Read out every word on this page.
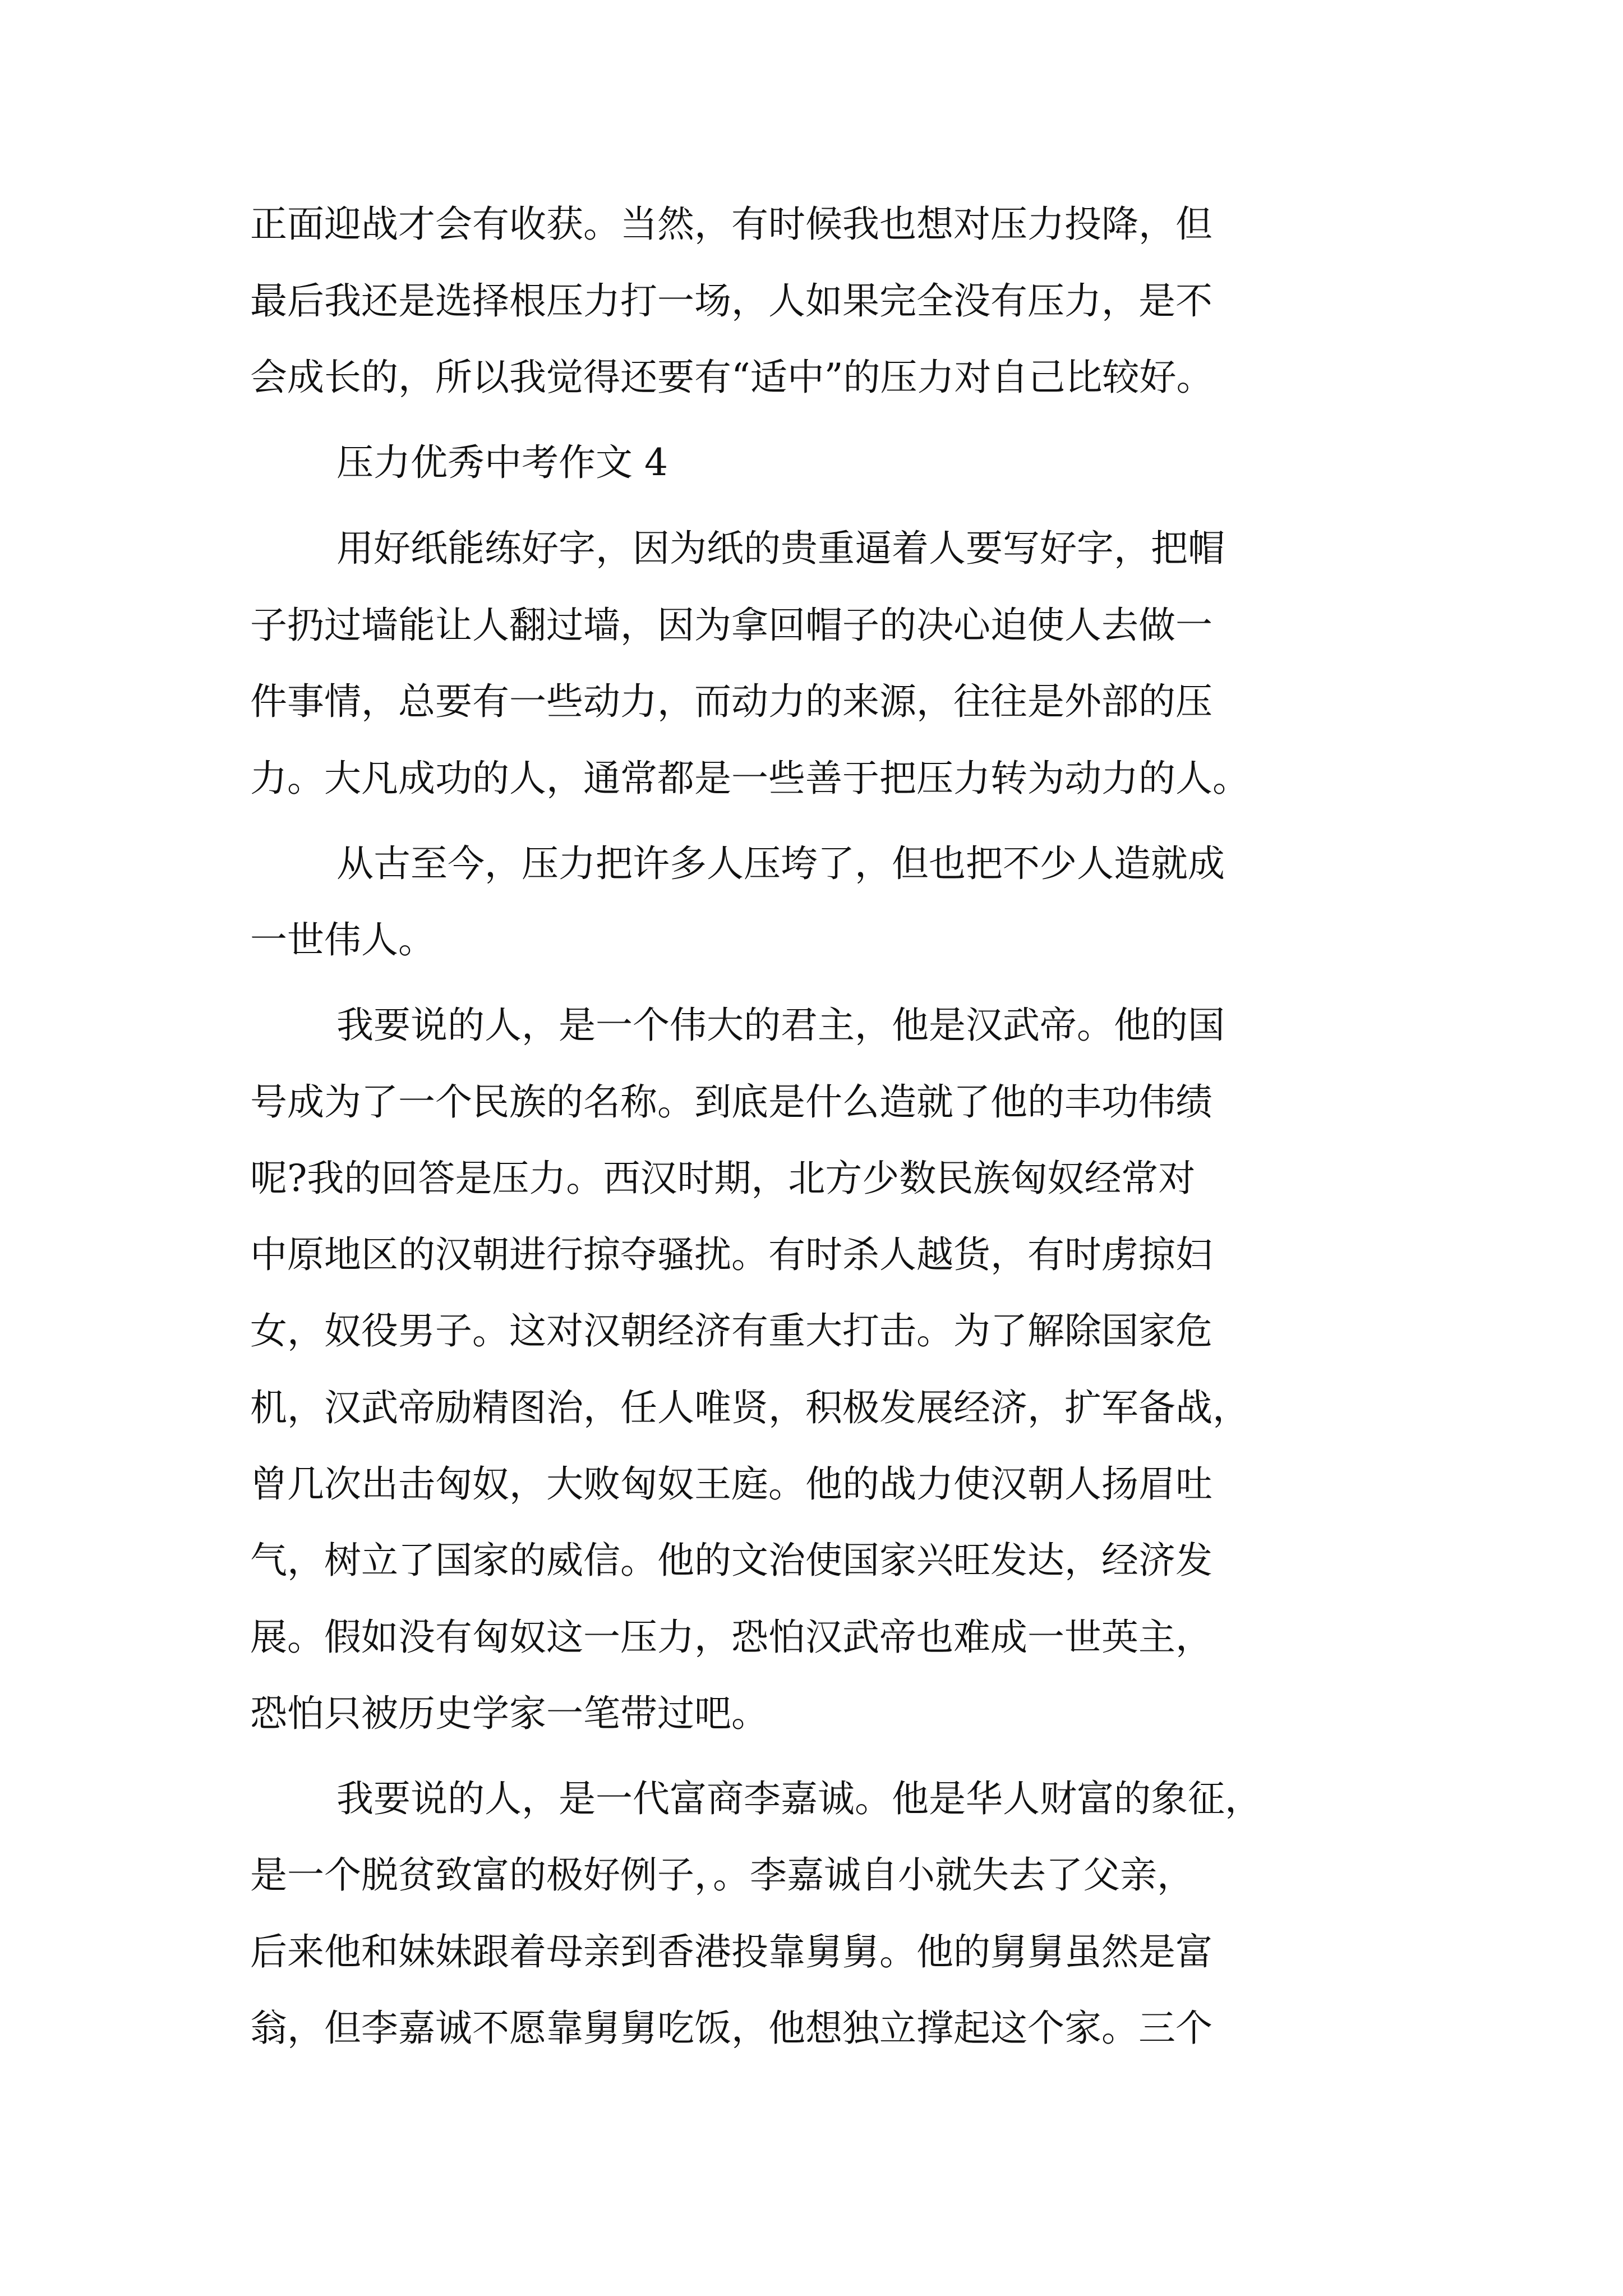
正面迎战才会有收获。当然，有时候我也想对压力投降，但
最后我还是选择根压力打一场，人如果完全没有压力，是不
会成长的，所以我觉得还要有“适中”的压力对自己比较好。
压力优秀中考作文 4
用好纸能练好字，因为纸的贵重逼着人要写好字，把帽
子扔过墙能让人翻过墙，因为拿回帽子的决心迫使人去做一
件事情，总要有一些动力，而动力的来源，往往是外部的压
力。大凡成功的人，通常都是一些善于把压力转为动力的人。
从古至今，压力把许多人压垮了，但也把不少人造就成
一世伟人。
我要说的人，是一个伟大的君主，他是汉武帝。他的国
号成为了一个民族的名称。到底是什么造就了他的丰功伟绩
呢?我的回答是压力。西汉时期，北方少数民族匈奴经常对
中原地区的汉朝进行掠夺骚扰。有时杀人越货，有时虏掠妇
女，奴役男子。这对汉朝经济有重大打击。为了解除国家危
机，汉武帝励精图治，任人唯贤，积极发展经济，扩军备战，
曾几次出击匈奴，大败匈奴王庭。他的战力使汉朝人扬眉吐
气，树立了国家的威信。他的文治使国家兴旺发达，经济发
展。假如没有匈奴这一压力，恐怕汉武帝也难成一世英主，
恐怕只被历史学家一笔带过吧。
我要说的人，是一代富商李嘉诚。他是华人财富的象征，
是一个脱贫致富的极好例子，。李嘉诚自小就失去了父亲，
后来他和妹妹跟着母亲到香港投靠舅舅。他的舅舅虽然是富
翁，但李嘉诚不愿靠舅舅吃饭，他想独立撑起这个家。三个
